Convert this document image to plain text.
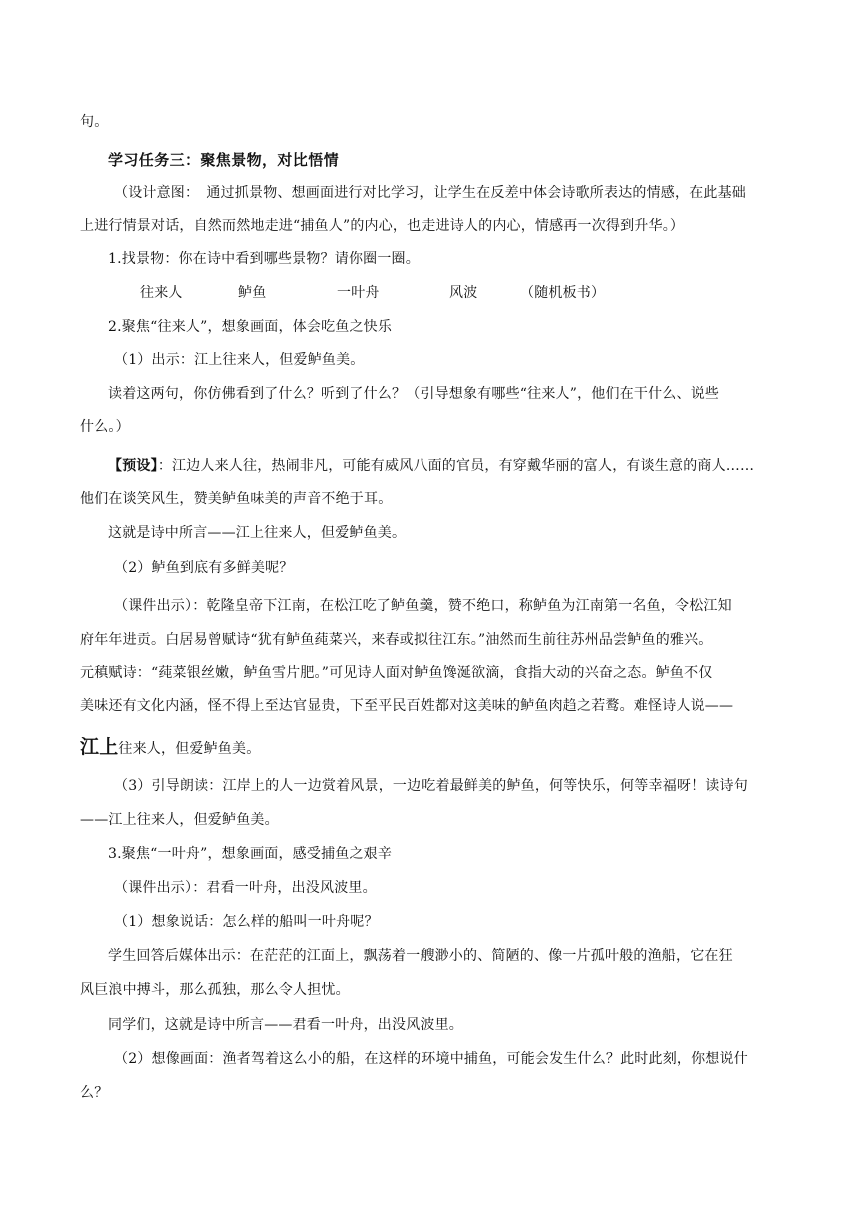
句。
学习任务三：聚焦景物，对比悟情
（设计意图：　通过抓景物、想画面进行对比学习，让学生在反差中体会诗歌所表达的情感，在此基础
上进行情景对话，自然而然地走进“捕鱼人”的内心，也走进诗人的内心，情感再一次得到升华。）
1.找景物：你在诗中看到哪些景物？请你圈一圈。
往来人	鲈鱼	一叶舟	风波	（随机板书）
2.聚焦“往来人”，想象画面，体会吃鱼之快乐
（1）出示：江上往来人，但爱鲈鱼美。
读着这两句，你仿佛看到了什么？听到了什么？（引导想象有哪些“往来人”，他们在干什么、说些
什么。）
【预设】：江边人来人往，热闹非凡，可能有威风八面的官员，有穿戴华丽的富人，有谈生意的商人……
他们在谈笑风生，赞美鲈鱼味美的声音不绝于耳。
这就是诗中所言——江上往来人，但爱鲈鱼美。
（2）鲈鱼到底有多鲜美呢？
（课件出示）：乾隆皇帝下江南，在松江吃了鲈鱼羹，赞不绝口，称鲈鱼为江南第一名鱼，令松江知
府年年进贡。白居易曾赋诗“犹有鲈鱼莼菜兴，来春或拟往江东。”油然而生前往苏州品尝鲈鱼的雅兴。
元稹赋诗：“莼菜银丝嫩，鲈鱼雪片肥。”可见诗人面对鲈鱼馋涎欲滴，食指大动的兴奋之态。鲈鱼不仅
美味还有文化内涵，怪不得上至达官显贵，下至平民百姓都对这美味的鲈鱼肉趋之若鹜。难怪诗人说——
江上往来人，但爱鲈鱼美。
（3）引导朗读：江岸上的人一边赏着风景，一边吃着最鲜美的鲈鱼，何等快乐，何等幸福呀！读诗句
——江上往来人，但爱鲈鱼美。
3.聚焦“一叶舟”，想象画面，感受捕鱼之艰辛
（课件出示）：君看一叶舟，出没风波里。
（1）想象说话：怎么样的船叫一叶舟呢？
学生回答后媒体出示：在茫茫的江面上，飘荡着一艘渺小的、简陋的、像一片孤叶般的渔船，它在狂
风巨浪中搏斗，那么孤独，那么令人担忧。
同学们，这就是诗中所言——君看一叶舟，出没风波里。
（2）想像画面：渔者驾着这么小的船，在这样的环境中捕鱼，可能会发生什么？此时此刻，你想说什
么？
